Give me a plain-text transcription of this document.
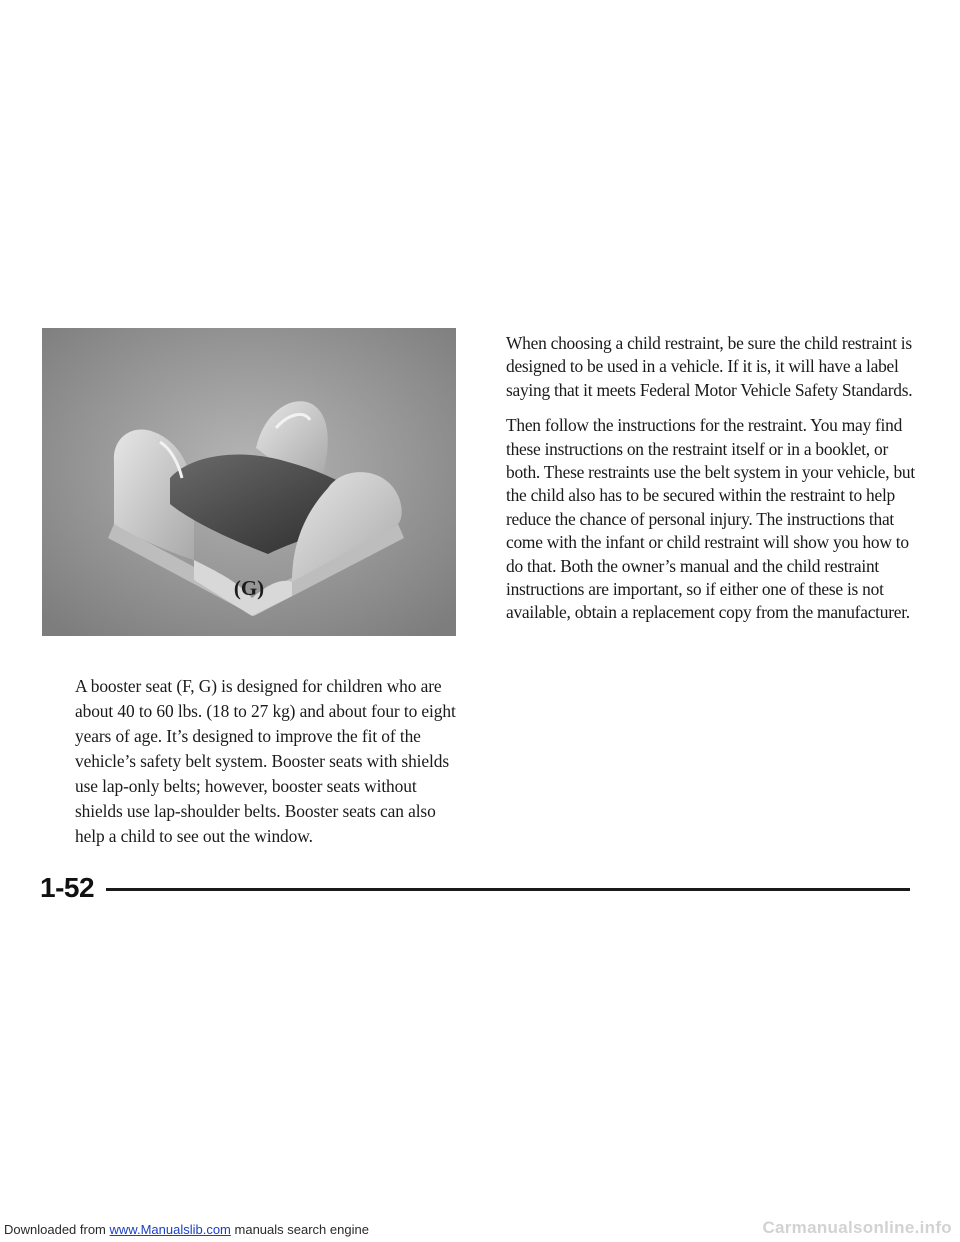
(G)

A booster seat (F, G) is designed for children who are about 40 to 60 lbs. (18 to 27 kg) and about four to eight years of age. It’s designed to improve the fit of the vehicle’s safety belt system. Booster seats with shields use lap-only belts; however, booster seats without shields use lap-shoulder belts. Booster seats can also help a child to see out the window.

When choosing a child restraint, be sure the child restraint is designed to be used in a vehicle. If it is, it will have a label saying that it meets Federal Motor Vehicle Safety Standards.

Then follow the instructions for the restraint. You may find these instructions on the restraint itself or in a booklet, or both. These restraints use the belt system in your vehicle, but the child also has to be secured within the restraint to help reduce the chance of personal injury. The instructions that come with the infant or child restraint will show you how to do that. Both the owner’s manual and the child restraint instructions are important, so if either one of these is not available, obtain a replacement copy from the manufacturer.

1-52
Downloaded from www.Manualslib.com manuals search engine	Carmanualsonline.info
